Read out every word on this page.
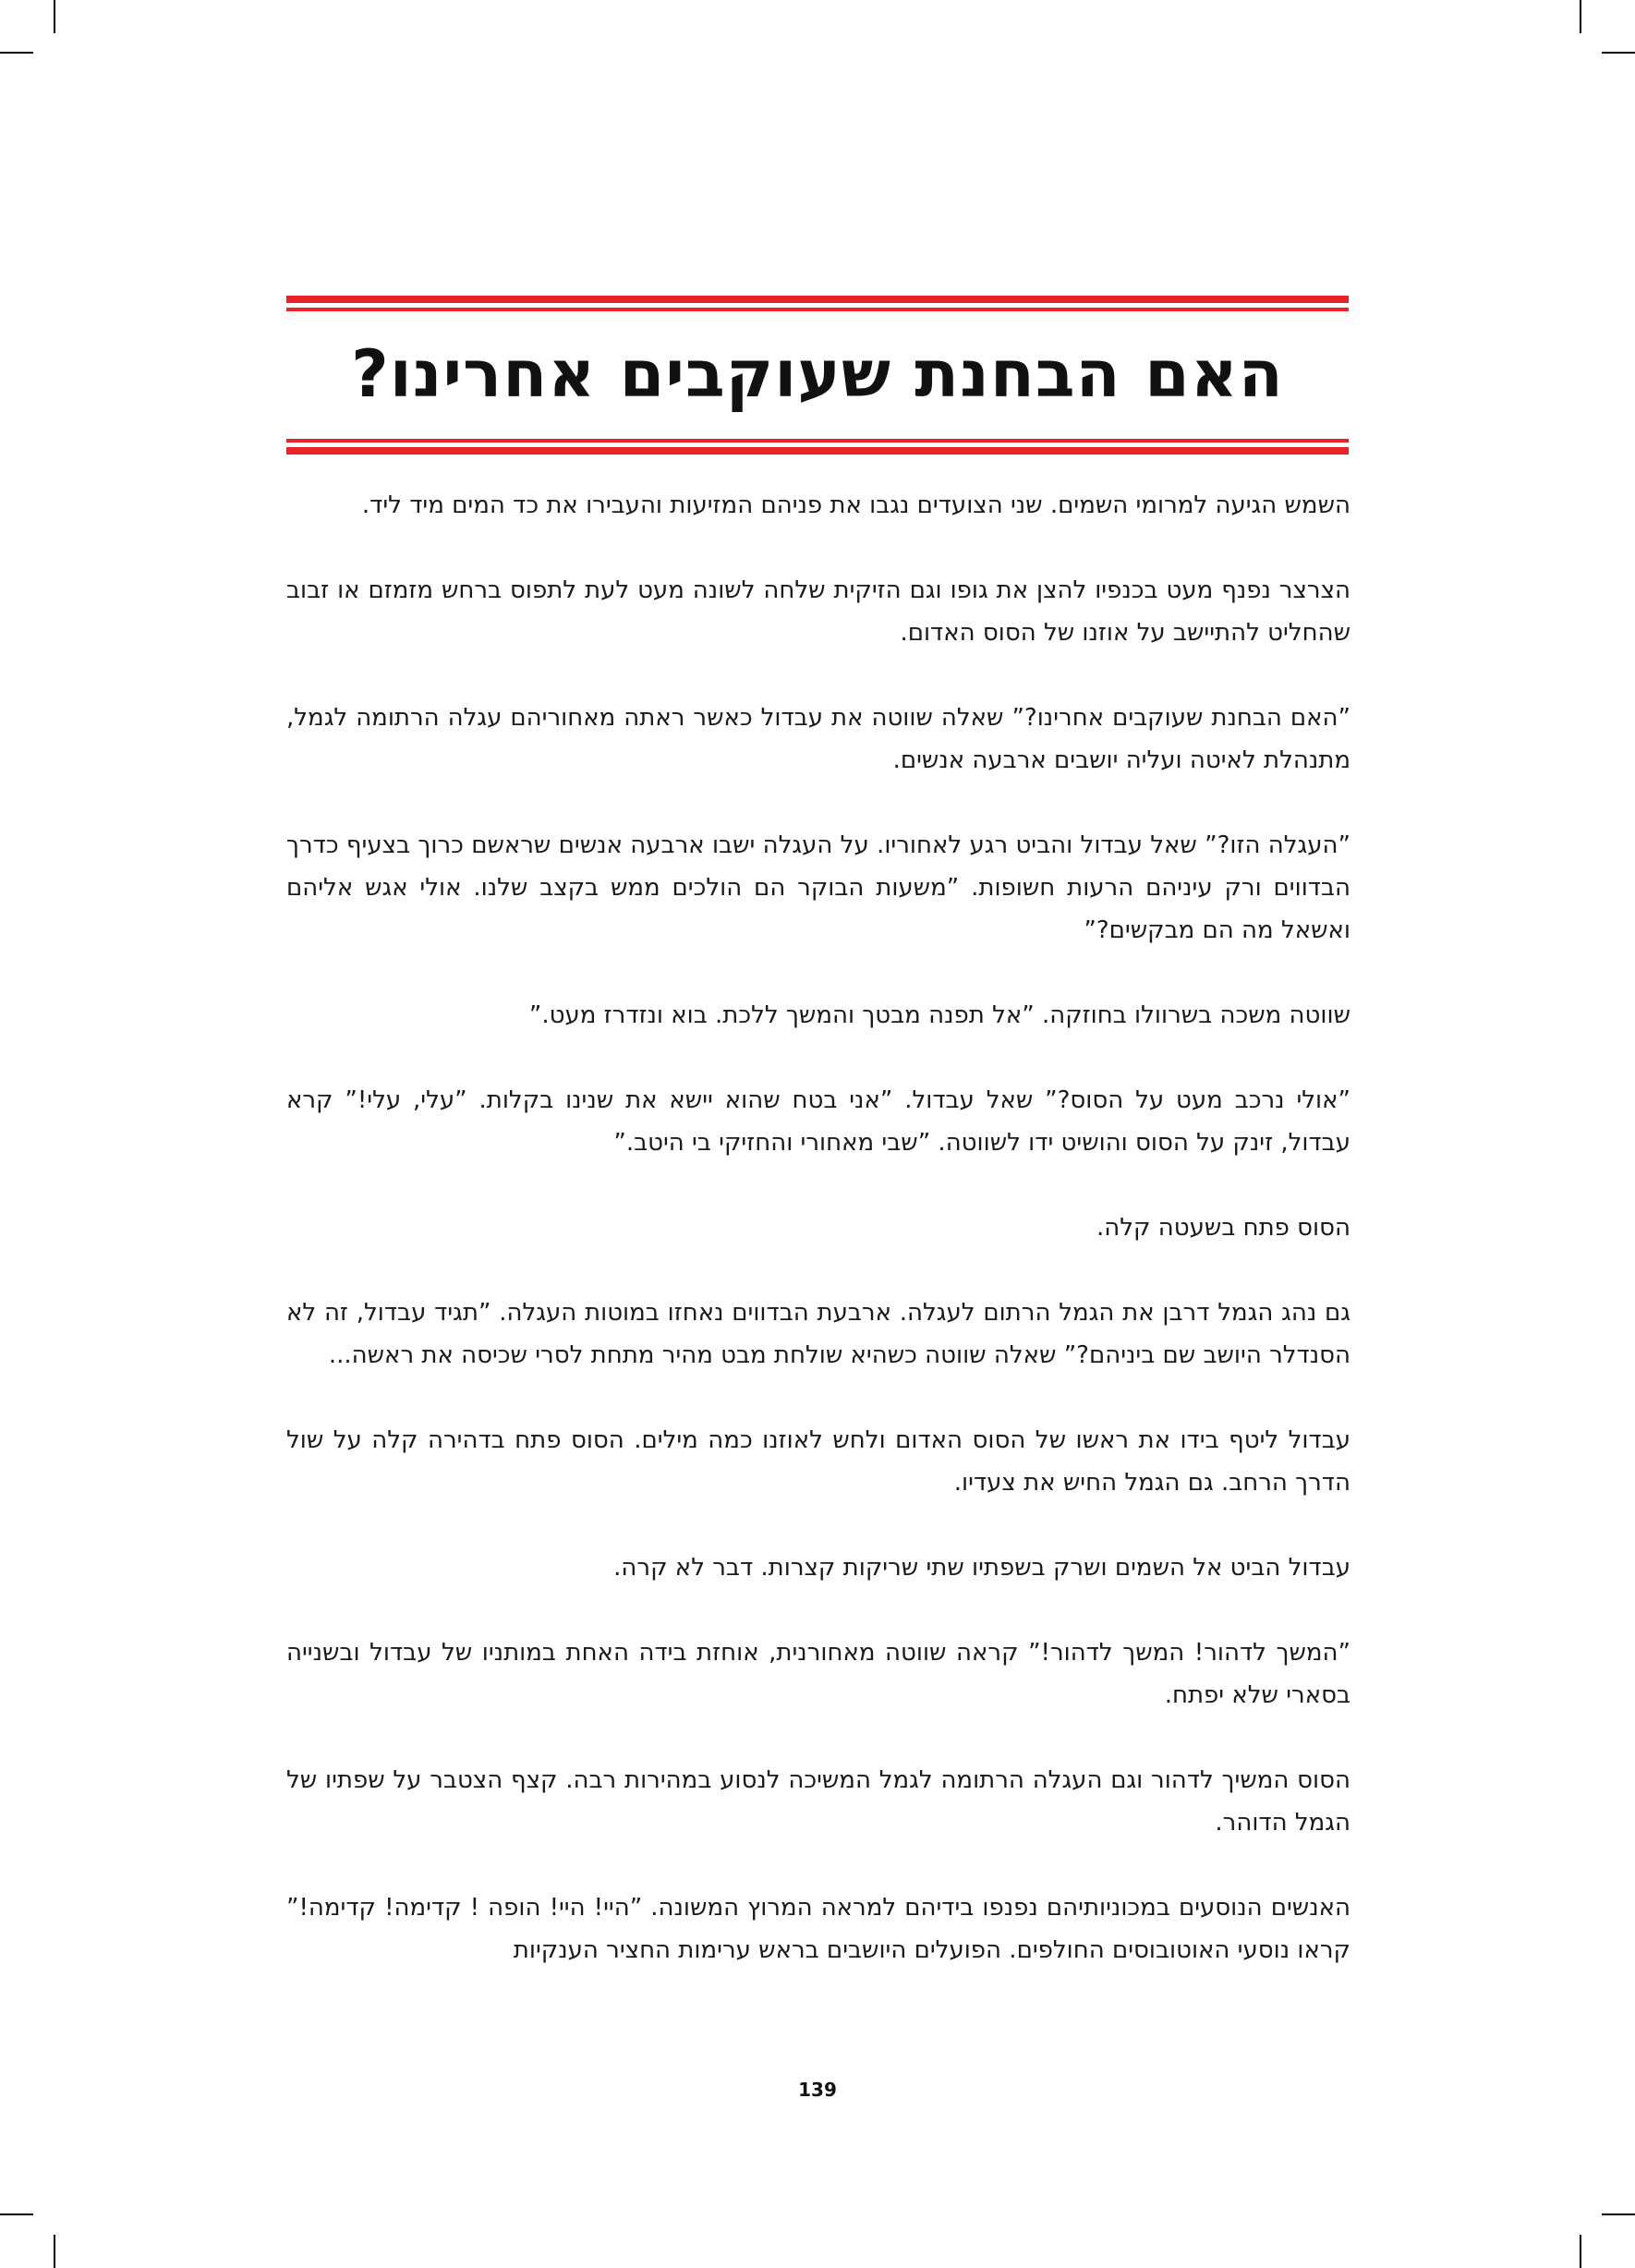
האם הבחנת שעוקבים אחרינו?

השמש הגיעה למרומי השמים. שני הצועדים נגבו את פניהם המזיעות והעבירו את כד המים מיד ליד.

הצרצר נפנף מעט בכנפיו להצן את גופו וגם הזיקית שלחה לשונה מעט לעת לתפוס ברחש מזמזם או זבוב שהחליט להתיישב על אוזנו של הסוס האדום.

”האם הבחנת שעוקבים אחרינו?” שאלה שווטה את עבדול כאשר ראתה מאחוריהם עגלה הרתומה לגמל, מתנהלת לאיטה ועליה יושבים ארבעה אנשים.

”העגלה הזו?” שאל עבדול והביט רגע לאחוריו. על העגלה ישבו ארבעה אנשים שראשם כרוך בצעיף כדרך הבדווים ורק עיניהם הרעות חשופות. ”משעות הבוקר הם הולכים ממש בקצב שלנו. אולי אגש אליהם ואשאל מה הם מבקשים?”

שווטה משכה בשרוולו בחוזקה. ”אל תפנה מבטך והמשך ללכת. בוא ונזדרז מעט.”

”אולי נרכב מעט על הסוס?” שאל עבדול. ”אני בטח שהוא יישא את שנינו בקלות. ”עלי, עלי!” קרא עבדול, זינק על הסוס והושיט ידו לשווטה. ”שבי מאחורי והחזיקי בי היטב.”

הסוס פתח בשעטה קלה.

גם נהג הגמל דרבן את הגמל הרתום לעגלה. ארבעת הבדווים נאחזו במוטות העגלה. ”תגיד עבדול, זה לא הסנדלר היושב שם ביניהם?” שאלה שווטה כשהיא שולחת מבט מהיר מתחת לסרי שכיסה את ראשה...

עבדול ליטף בידו את ראשו של הסוס האדום ולחש לאוזנו כמה מילים. הסוס פתח בדהירה קלה על שול הדרך הרחב. גם הגמל החיש את צעדיו.

עבדול הביט אל השמים ושרק בשפתיו שתי שריקות קצרות. דבר לא קרה.

”המשך לדהור! המשך לדהור!” קראה שווטה מאחורנית, אוחזת בידה האחת במותניו של עבדול ובשנייה בסארי שלא יפתח.

הסוס המשיך לדהור וגם העגלה הרתומה לגמל המשיכה לנסוע במהירות רבה. קצף הצטבר על שפתיו של הגמל הדוהר.

האנשים הנוסעים במכוניותיהם נפנפו בידיהם למראה המרוץ המשונה. ”היי! היי! הופה ! קדימה! קדימה!” קראו נוסעי האוטובוסים החולפים. הפועלים היושבים בראש ערימות החציר הענקיות

139
